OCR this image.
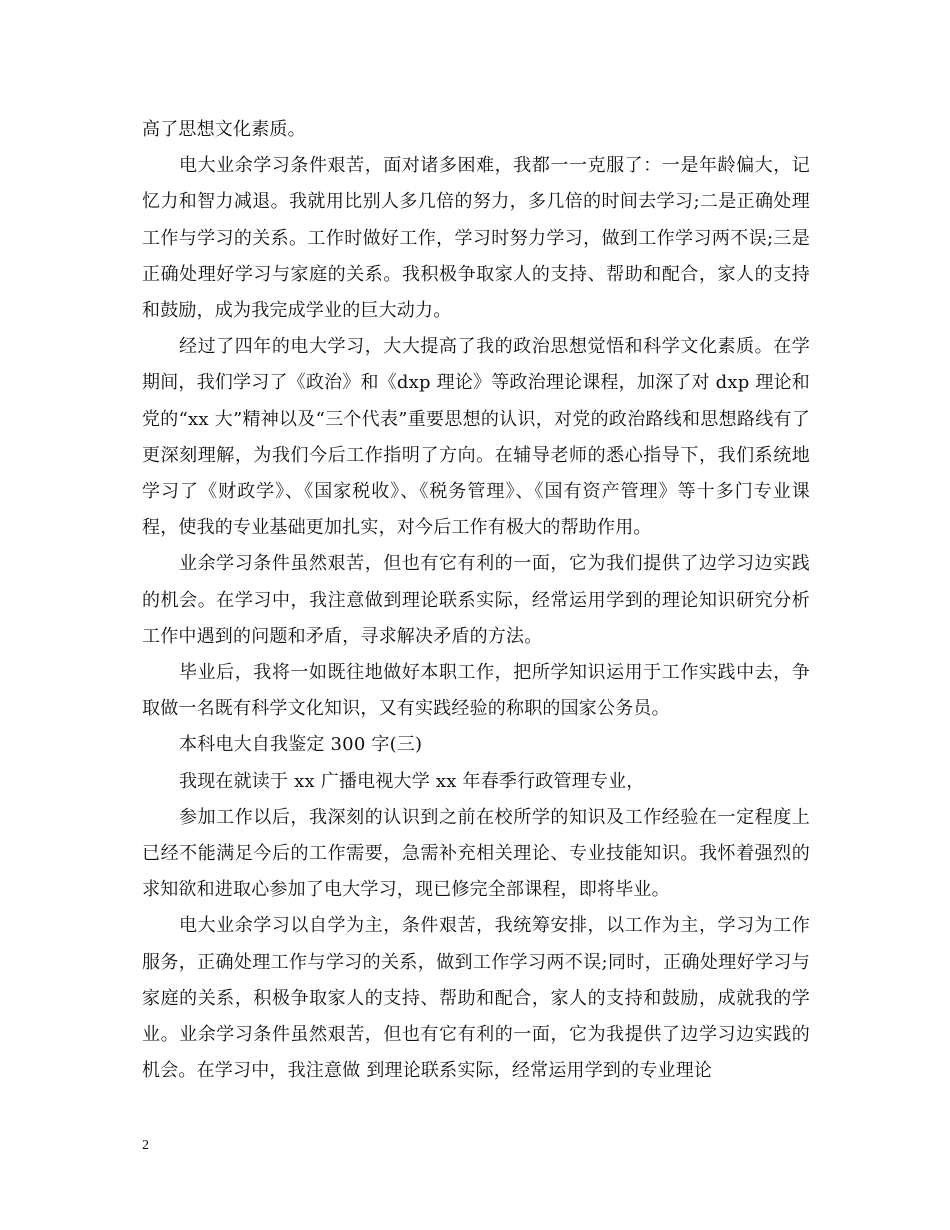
高了思想文化素质。

电大业余学习条件艰苦，面对诸多困难，我都一一克服了：一是年龄偏大，记忆力和智力减退。我就用比别人多几倍的努力，多几倍的时间去学习;二是正确处理工作与学习的关系。工作时做好工作，学习时努力学习，做到工作学习两不误;三是正确处理好学习与家庭的关系。我积极争取家人的支持、帮助和配合，家人的支持和鼓励，成为我完成学业的巨大动力。

经过了四年的电大学习，大大提高了我的政治思想觉悟和科学文化素质。在学期间，我们学习了《政治》和《dxp 理论》等政治理论课程，加深了对 dxp 理论和党的“xx 大”精神以及“三个代表”重要思想的认识，对党的政治路线和思想路线有了更深刻理解，为我们今后工作指明了方向。在辅导老师的悉心指导下，我们系统地学习了《财政学》、《国家税收》、《税务管理》、《国有资产管理》等十多门专业课程，使我的专业基础更加扎实，对今后工作有极大的帮助作用。

业余学习条件虽然艰苦，但也有它有利的一面，它为我们提供了边学习边实践的机会。在学习中，我注意做到理论联系实际，经常运用学到的理论知识研究分析工作中遇到的问题和矛盾，寻求解决矛盾的方法。

毕业后，我将一如既往地做好本职工作，把所学知识运用于工作实践中去，争取做一名既有科学文化知识，又有实践经验的称职的国家公务员。

本科电大自我鉴定 300 字(三)

我现在就读于 xx 广播电视大学 xx 年春季行政管理专业，

参加工作以后，我深刻的认识到之前在校所学的知识及工作经验在一定程度上已经不能满足今后的工作需要，急需补充相关理论、专业技能知识。我怀着强烈的求知欲和进取心参加了电大学习，现已修完全部课程，即将毕业。

电大业余学习以自学为主，条件艰苦，我统筹安排，以工作为主，学习为工作服务，正确处理工作与学习的关系，做到工作学习两不误;同时，正确处理好学习与家庭的关系，积极争取家人的支持、帮助和配合，家人的支持和鼓励，成就我的学业。业余学习条件虽然艰苦，但也有它有利的一面，它为我提供了边学习边实践的机会。在学习中，我注意做 到理论联系实际，经常运用学到的专业理论

2
